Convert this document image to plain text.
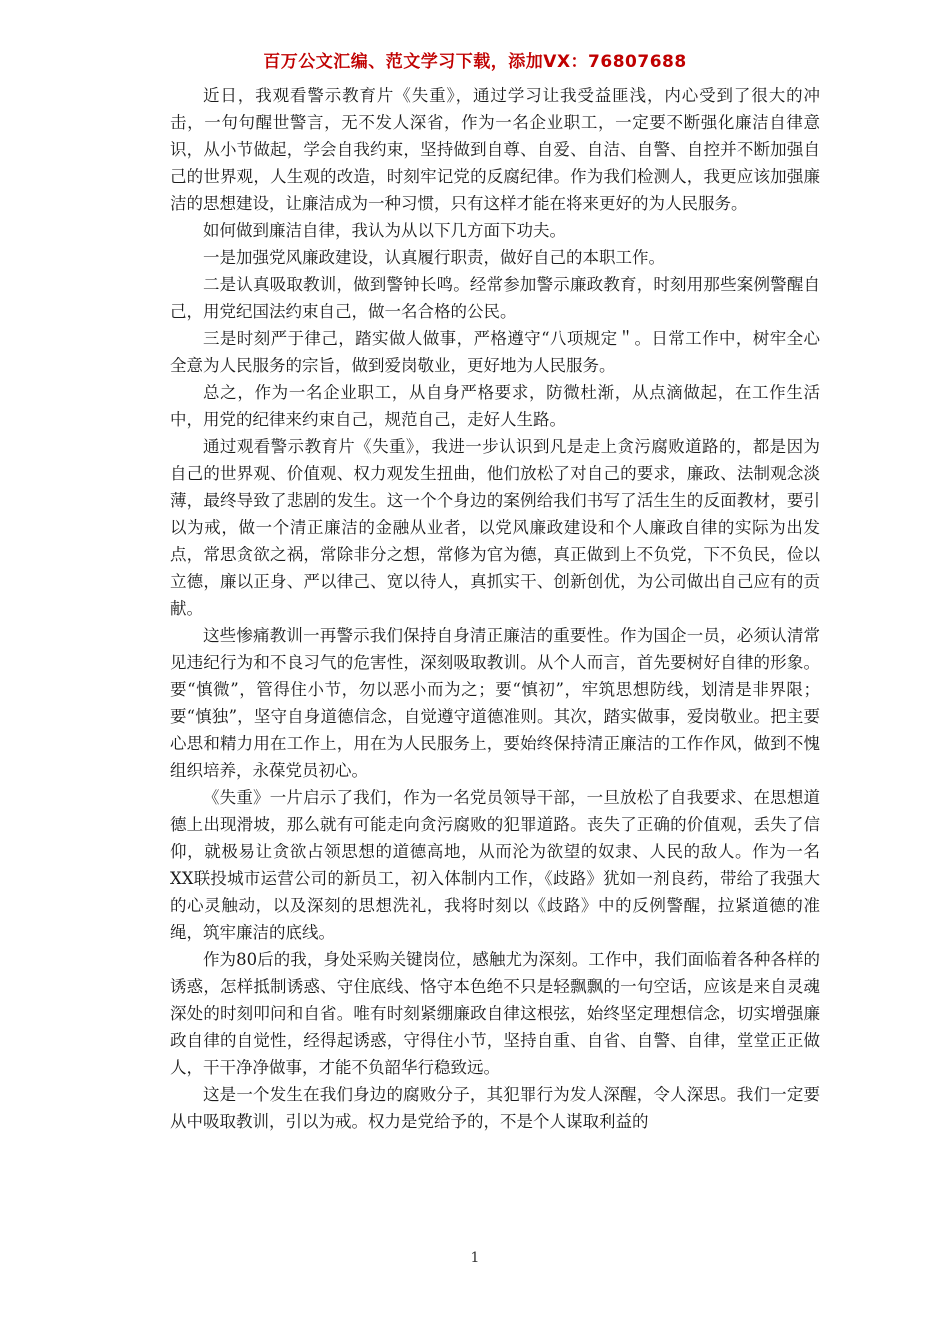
百万公文汇编、范文学习下载，添加VX：76807688

近日，我观看警示教育片《失重》，通过学习让我受益匪浅，内心受到了很大的冲击，一句句醒世警言，无不发人深省，作为一名企业职工，一定要不断强化廉洁自律意识，从小节做起，学会自我约束，坚持做到自尊、自爱、自洁、自警、自控并不断加强自己的世界观，人生观的改造，时刻牢记党的反腐纪律。作为我们检测人，我更应该加强廉洁的思想建设，让廉洁成为一种习惯，只有这样才能在将来更好的为人民服务。

如何做到廉洁自律，我认为从以下几方面下功夫。

一是加强党风廉政建设，认真履行职责，做好自己的本职工作。

二是认真吸取教训，做到警钟长鸣。经常参加警示廉政教育，时刻用那些案例警醒自己，用党纪国法约束自己，做一名合格的公民。

三是时刻严于律己，踏实做人做事，严格遵守“八项规定＂。日常工作中，树牢全心全意为人民服务的宗旨，做到爱岗敬业，更好地为人民服务。

总之，作为一名企业职工，从自身严格要求，防微杜渐，从点滴做起，在工作生活中，用党的纪律来约束自己，规范自己，走好人生路。

通过观看警示教育片《失重》，我进一步认识到凡是走上贪污腐败道路的，都是因为自己的世界观、价值观、权力观发生扭曲，他们放松了对自己的要求，廉政、法制观念淡薄，最终导致了悲剧的发生。这一个个身边的案例给我们书写了活生生的反面教材，要引以为戒，做一个清正廉洁的金融从业者，以党风廉政建设和个人廉政自律的实际为出发点，常思贪欲之祸，常除非分之想，常修为官为德，真正做到上不负党，下不负民，俭以立德，廉以正身、严以律己、宽以待人，真抓实干、创新创优，为公司做出自己应有的贡献。

这些惨痛教训一再警示我们保持自身清正廉洁的重要性。作为国企一员，必须认清常见违纪行为和不良习气的危害性，深刻吸取教训。从个人而言，首先要树好自律的形象。要“慎微”，管得住小节，勿以恶小而为之；要“慎初”，牢筑思想防线，划清是非界限；要“慎独”，坚守自身道德信念，自觉遵守道德准则。其次，踏实做事，爱岗敬业。把主要心思和精力用在工作上，用在为人民服务上，要始终保持清正廉洁的工作作风，做到不愧组织培养，永葆党员初心。

《失重》一片启示了我们，作为一名党员领导干部，一旦放松了自我要求、在思想道德上出现滑坡，那么就有可能走向贪污腐败的犯罪道路。丧失了正确的价值观，丢失了信仰，就极易让贪欲占领思想的道德高地，从而沦为欲望的奴隶、人民的敌人。作为一名XX联投城市运营公司的新员工，初入体制内工作，《歧路》犹如一剂良药，带给了我强大的心灵触动，以及深刻的思想洗礼，我将时刻以《歧路》中的反例警醒，拉紧道德的准绳，筑牢廉洁的底线。

作为80后的我，身处采购关键岗位，感触尤为深刻。工作中，我们面临着各种各样的诱惑，怎样抵制诱惑、守住底线、恪守本色绝不只是轻飘飘的一句空话，应该是来自灵魂深处的时刻叩问和自省。唯有时刻紧绷廉政自律这根弦，始终坚定理想信念，切实增强廉政自律的自觉性，经得起诱惑，守得住小节，坚持自重、自省、自警、自律，堂堂正正做人，干干净净做事，才能不负韶华行稳致远。

这是一个发生在我们身边的腐败分子，其犯罪行为发人深醒，令人深思。我们一定要从中吸取教训，引以为戒。权力是党给予的，不是个人谋取利益的

1
